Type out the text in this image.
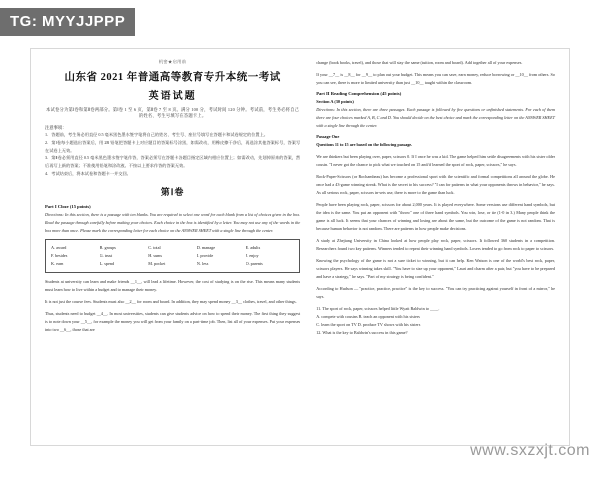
TG: MYYJJPPP
www.sxzxjt.com
机密★启用前
山东省 2021 年普通高等教育专升本统一考试
英语试题
本试卷分为第Ⅰ卷和第Ⅱ卷两部分。第Ⅰ卷 1 至 6 页，第Ⅱ卷 7 至 8 页。满分 100 分，考试时间 120 分钟。考试前，考生务必将自己的姓名、考生号填写在答题卡上。
注意事项：
1．答题前，考生务必用直径 0.5 毫米黑色墨水签字笔将自己的姓名、考生号、座位号填写在答题卡和试卷规定的位置上。
2．第Ⅰ卷每小题选出答案后，用 2B 铅笔把答题卡上对应题目的答案标号涂黑，如需改动，用橡皮擦干净后，再选涂其他答案标号，答案写在试卷上无效。
3．第Ⅱ卷必须用直径 0.5 毫米黑色墨水签字笔作答，答案必须写在答题卡各题目指定区域内相应位置上；如需改动，先划掉原来的答案，然后再写上新的答案；不准使用铅笔和涂改液。不按以上要求作答的答案无效。
4．考试结束后，将本试卷和答题卡一并交回。
第Ⅰ卷
Part I Cloze (15 points)
Directions: In this section, there is a passage with ten blanks. You are required to select one word for each blank from a list of choices given in the box. Read the passage through carefully before making your choices. Each choice in the box is identified by a letter. You may not use any of the words in the box more than once. Please mark the corresponding letter for each choice on the ANSWER SHEET with a single line through the center.
A. award	B. groups	C. total	D. manage	E. adults
F. besides	G. trust	H. sums	I. provide	J. enjoy
K. earn	L. spend	M. pocket	N. less	O. parents
Students at university can learn and make friends __1__, will lead a lifetime. However, the cost of studying is on the rise. This means many students must learn how to live within a budget and to manage their money.
It is not just the course fees. Students must also __2__ for room and board. In addition, they may spend money __3__ clothes, travel, and other things.
Thus, students need to budget __4__. In most universities, students can give students advice on how to spend their money. The first thing they suggest is to note down your __5__, for example the money you will get from your family on a part-time job. Then, list all of your expenses. Put your expenses into two __6__, those that are
change (book books, travel), and those that will stay the same (tuition, room and board). Add together all of your expenses.
If your __7__ is __8__ for __9__ to plan out your budget. This means you can save, earn money, reduce borrowing or __10__ from others. So you can see, there is more to limited university than just __10__ taught within the classroom.
Part II Reading Comprehension (45 points)
Section A (30 points)
Directions: In this section, there are three passages. Each passage is followed by five questions or unfinished statements. For each of them there are four choices marked A, B, C and D. You should decide on the best choice and mark the corresponding letter on the ANSWER SHEET with a single line through the center.
Passage One
Questions 11 to 15 are based on the following passage.
We are thinkers but been playing over, paper, scissors 0. If I once he was a kid. The game helped him settle disagreements with his sister older cousin. "I never got the chance to pick what we touched on 15 and/if learned the sport of rock, paper, scissors," he says.
Rock-Paper-Scissors (or Rochambeau) has become a professional sport with the scientific and formal competitions all around the globe. He once had a 43-game winning streak. What is the secret to his success? "I can for patterns in what your opponents throws in behavior," he says. As all serious rock, paper, scissors in-sets use, there is more to the game than luck.
People have been playing rock, paper, scissors for about 2,000 years. It is played everywhere. Some versions use different hand symbols, but the idea is the same. You put an opponent with "throw" one of three hand symbols. You win, lose, or tie (1-0 in 3.) Many people think the game is all luck. It seems that your chances of winning and losing are about the same, but the outcome of the game is not random. That is because human behavior is not random. There are patterns in how people make decisions.
A study at Zhejiang University in China looked at how people play rock, paper, scissors. It followed 360 students in a competition. Researchers found two key patterns. Winners tended to repeat their winning hand symbols. Losers tended to go from rock to paper to scissors.
Knowing the psychology of the game is not a sure ticket to winning, but it can help. Ken Watson is one of the world's best rock, paper, scissors players. He says winning takes skill. "You have to size up your opponent," Lauri and charm after a pair, but "you have to be prepared and have a strategy," he says. "Part of my strategy is being confident."
According to Hudson — "practice, practice, practice" is the key to success. "You can try practicing against yourself in front of a mirror," he says.
11. The sport of rock, paper, scissors helped little Wyatt Baldwin to ____.
A. compete with cousins B. teach an opponent with his sisters
C. learn the sport on TV D. produce TV shows with his sisters
12. What is the key to Baldwin's success in this game?
